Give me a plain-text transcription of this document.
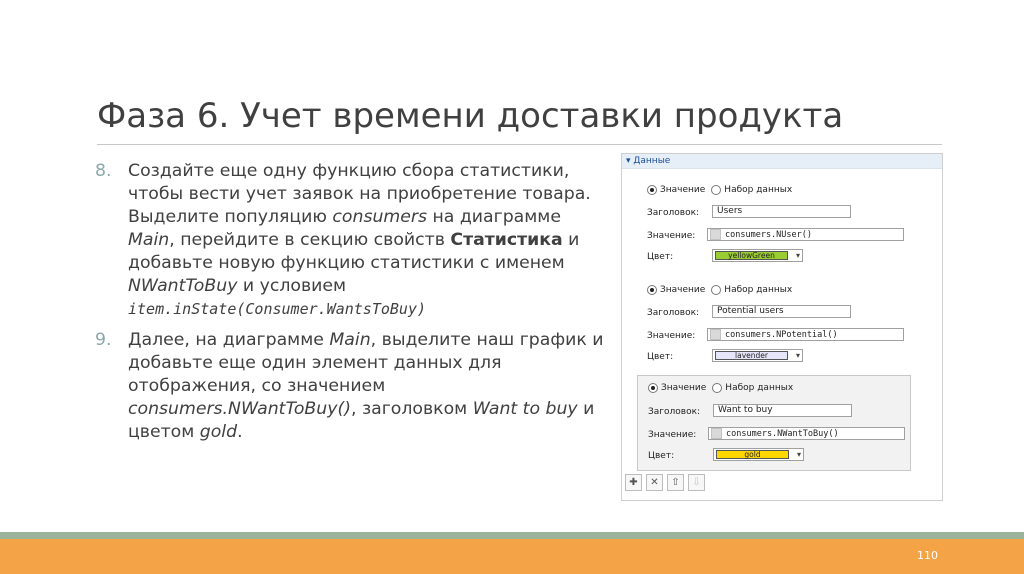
Фаза 6. Учет времени доставки продукта
8. Создайте еще одну функцию сбора статистики, чтобы вести учет заявок на приобретение товара. Выделите популяцию consumers на диаграмме Main, перейдите в секцию свойств Статистика и добавьте новую функцию статистики с именем NWantToBuy и условием item.inState(Consumer.WantsToBuy)
9. Далее, на диаграмме Main, выделите наш график и добавьте еще один элемент данных для отображения, со значением consumers.NWantToBuy(), заголовком Want to buy и цветом gold.
▾ Данные
Значение Набор данных
Заголовок:	Users
Значение:	consumers.NUser()
Цвет:	yellowGreen	▾
Значение Набор данных
Заголовок:	Potential users
Значение:	consumers.NPotential()
Цвет:	lavender	▾
Значение Набор данных
Заголовок:	Want to buy
Значение:	consumers.NWantToBuy()
Цвет:	gold	▾
✚	✕	⇧	⇩
110
